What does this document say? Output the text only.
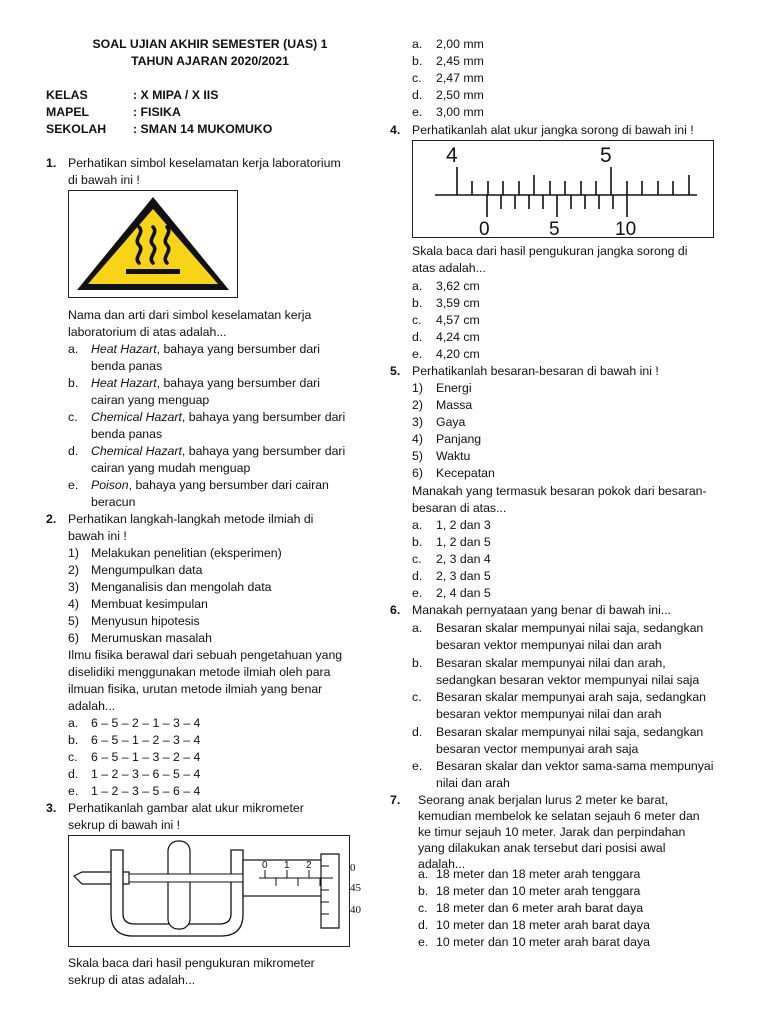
SOAL UJIAN AKHIR SEMESTER (UAS) 1
TAHUN AJARAN 2020/2021
KELAS	: X MIPA / X IIS
MAPEL	: FISIKA
SEKOLAH : SMAN 14 MUKOMUKO
1. Perhatikan simbol keselamatan kerja laboratorium
di bawah ini !
Nama dan arti dari simbol keselamatan kerja
laboratorium di atas adalah...
a. Heat Hazart, bahaya yang bersumber dari
benda panas
b. Heat Hazart, bahaya yang bersumber dari
cairan yang menguap
c. Chemical Hazart, bahaya yang bersumber dari
benda panas
d. Chemical Hazart, bahaya yang bersumber dari
cairan yang mudah menguap
e. Poison, bahaya yang bersumber dari cairan
beracun
2. Perhatikan langkah-langkah metode ilmiah di
bawah ini !
1) Melakukan penelitian (eksperimen)
2) Mengumpulkan data
3) Menganalisis dan mengolah data
4) Membuat kesimpulan
5) Menyusun hipotesis
6) Merumuskan masalah
Ilmu fisika berawal dari sebuah pengetahuan yang
diselidiki menggunakan metode ilmiah oleh para
ilmuan fisika, urutan metode ilmiah yang benar
adalah...
a. 6 – 5 – 2 – 1 – 3 – 4
b. 6 – 5 – 1 – 2 – 3 – 4
c. 6 – 5 – 1 – 3 – 2 – 4
d. 1 – 2 – 3 – 6 – 5 – 4
e. 1 – 2 – 3 – 5 – 6 – 4
3. Perhatikanlah gambar alat ukur mikrometer
sekrup di bawah ini !
0 1 2	0
45
40
Skala baca dari hasil pengukuran mikrometer
sekrup di atas adalah...
a. 2,00 mm
b. 2,45 mm
c. 2,47 mm
d. 2,50 mm
e. 3,00 mm
4. Perhatikanlah alat ukur jangka sorong di bawah ini !
4	5
0	5	10
Skala baca dari hasil pengukuran jangka sorong di
atas adalah...
a. 3,62 cm
b. 3,59 cm
c. 4,57 cm
d. 4,24 cm
e. 4,20 cm
5. Perhatikanlah besaran-besaran di bawah ini !
1) Energi
2) Massa
3) Gaya
4) Panjang
5) Waktu
6) Kecepatan
Manakah yang termasuk besaran pokok dari besaran-
besaran di atas...
a. 1, 2 dan 3
b. 1, 2 dan 5
c. 2, 3 dan 4
d. 2, 3 dan 5
e. 2, 4 dan 5
6. Manakah pernyataan yang benar di bawah ini...
a. Besaran skalar mempunyai nilai saja, sedangkan
besaran vektor mempunyai nilai dan arah
b. Besaran skalar mempunyai nilai dan arah,
sedangkan besaran vektor mempunyai nilai saja
c. Besaran skalar mempunyai arah saja, sedangkan
besaran vektor mempunyai nilai dan arah
d. Besaran skalar mempunyai nilai saja, sedangkan
besaran vector mempunyai arah saja
e. Besaran skalar dan vektor sama-sama mempunyai
nilai dan arah
7. Seorang anak berjalan lurus 2 meter ke barat,
kemudian membelok ke selatan sejauh 6 meter dan
ke timur sejauh 10 meter. Jarak dan perpindahan
yang dilakukan anak tersebut dari posisi awal
adalah...
a. 18 meter dan 18 meter arah tenggara
b. 18 meter dan 10 meter arah tenggara
c. 18 meter dan 6 meter arah barat daya
d. 10 meter dan 18 meter arah barat daya
e. 10 meter dan 10 meter arah barat daya
